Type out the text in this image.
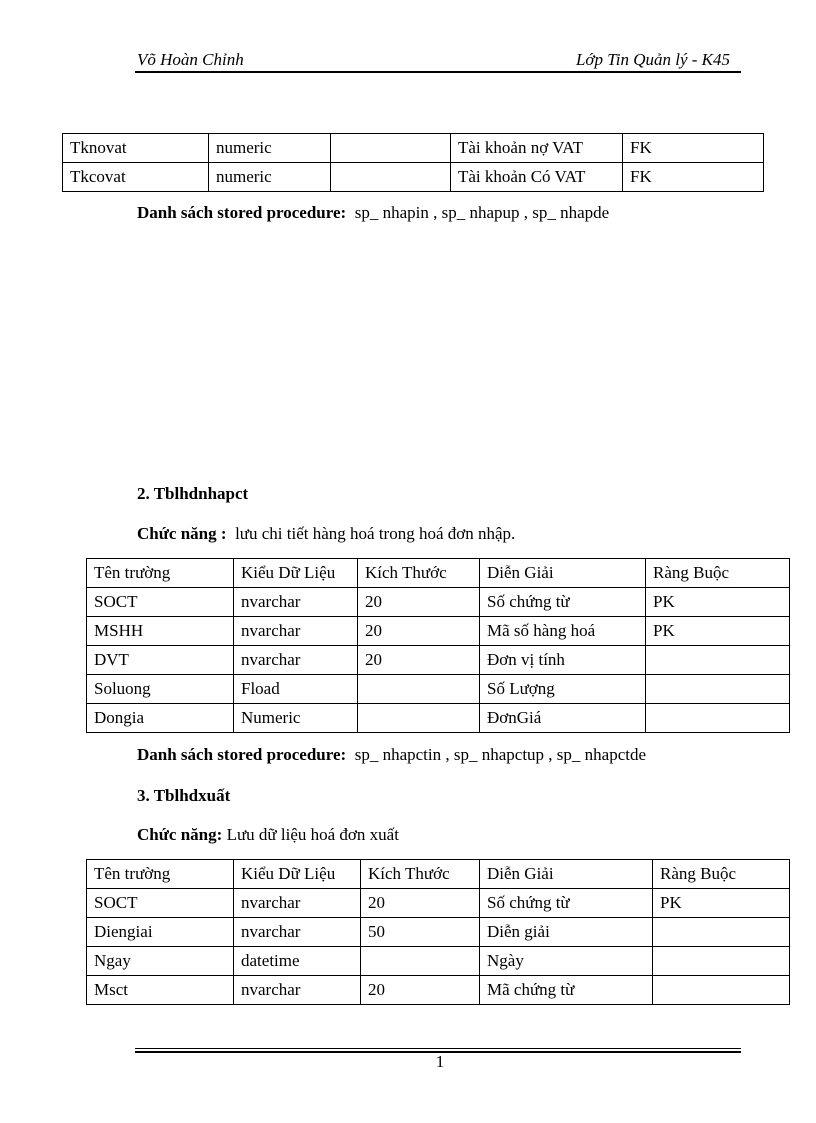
Võ Hoàn Chỉnh	Lớp Tin Quản lý - K45
Tknovat	numeric		Tài khoản nợ VAT	FK
Tkcovat	numeric		Tài khoản Có VAT	FK
Danh sách stored procedure: sp_ nhapin , sp_ nhapup , sp_ nhapde
2. Tblhdnhapct
Chức năng : lưu chi tiết hàng hoá trong hoá đơn nhập.
Tên trường	Kiểu Dữ Liệu	Kích Thước	Diễn Giải	Ràng Buộc
SOCT	nvarchar	20	Số chứng từ	PK
MSHH	nvarchar	20	Mã số hàng hoá	PK
DVT	nvarchar	20	Đơn vị tính	
Soluong	Fload		Số Lượng	
Dongia	Numeric		ĐơnGiá	
Danh sách stored procedure: sp_ nhapctin , sp_ nhapctup , sp_ nhapctde
3. Tblhdxuất
Chức năng: Lưu dữ liệu hoá đơn xuất
Tên trường	Kiểu Dữ Liệu	Kích Thước	Diễn Giải	Ràng Buộc
SOCT	nvarchar	20	Số chứng từ	PK
Diengiai	nvarchar	50	Diễn giải	
Ngay	datetime		Ngày	
Msct	nvarchar	20	Mã chứng từ	
1
